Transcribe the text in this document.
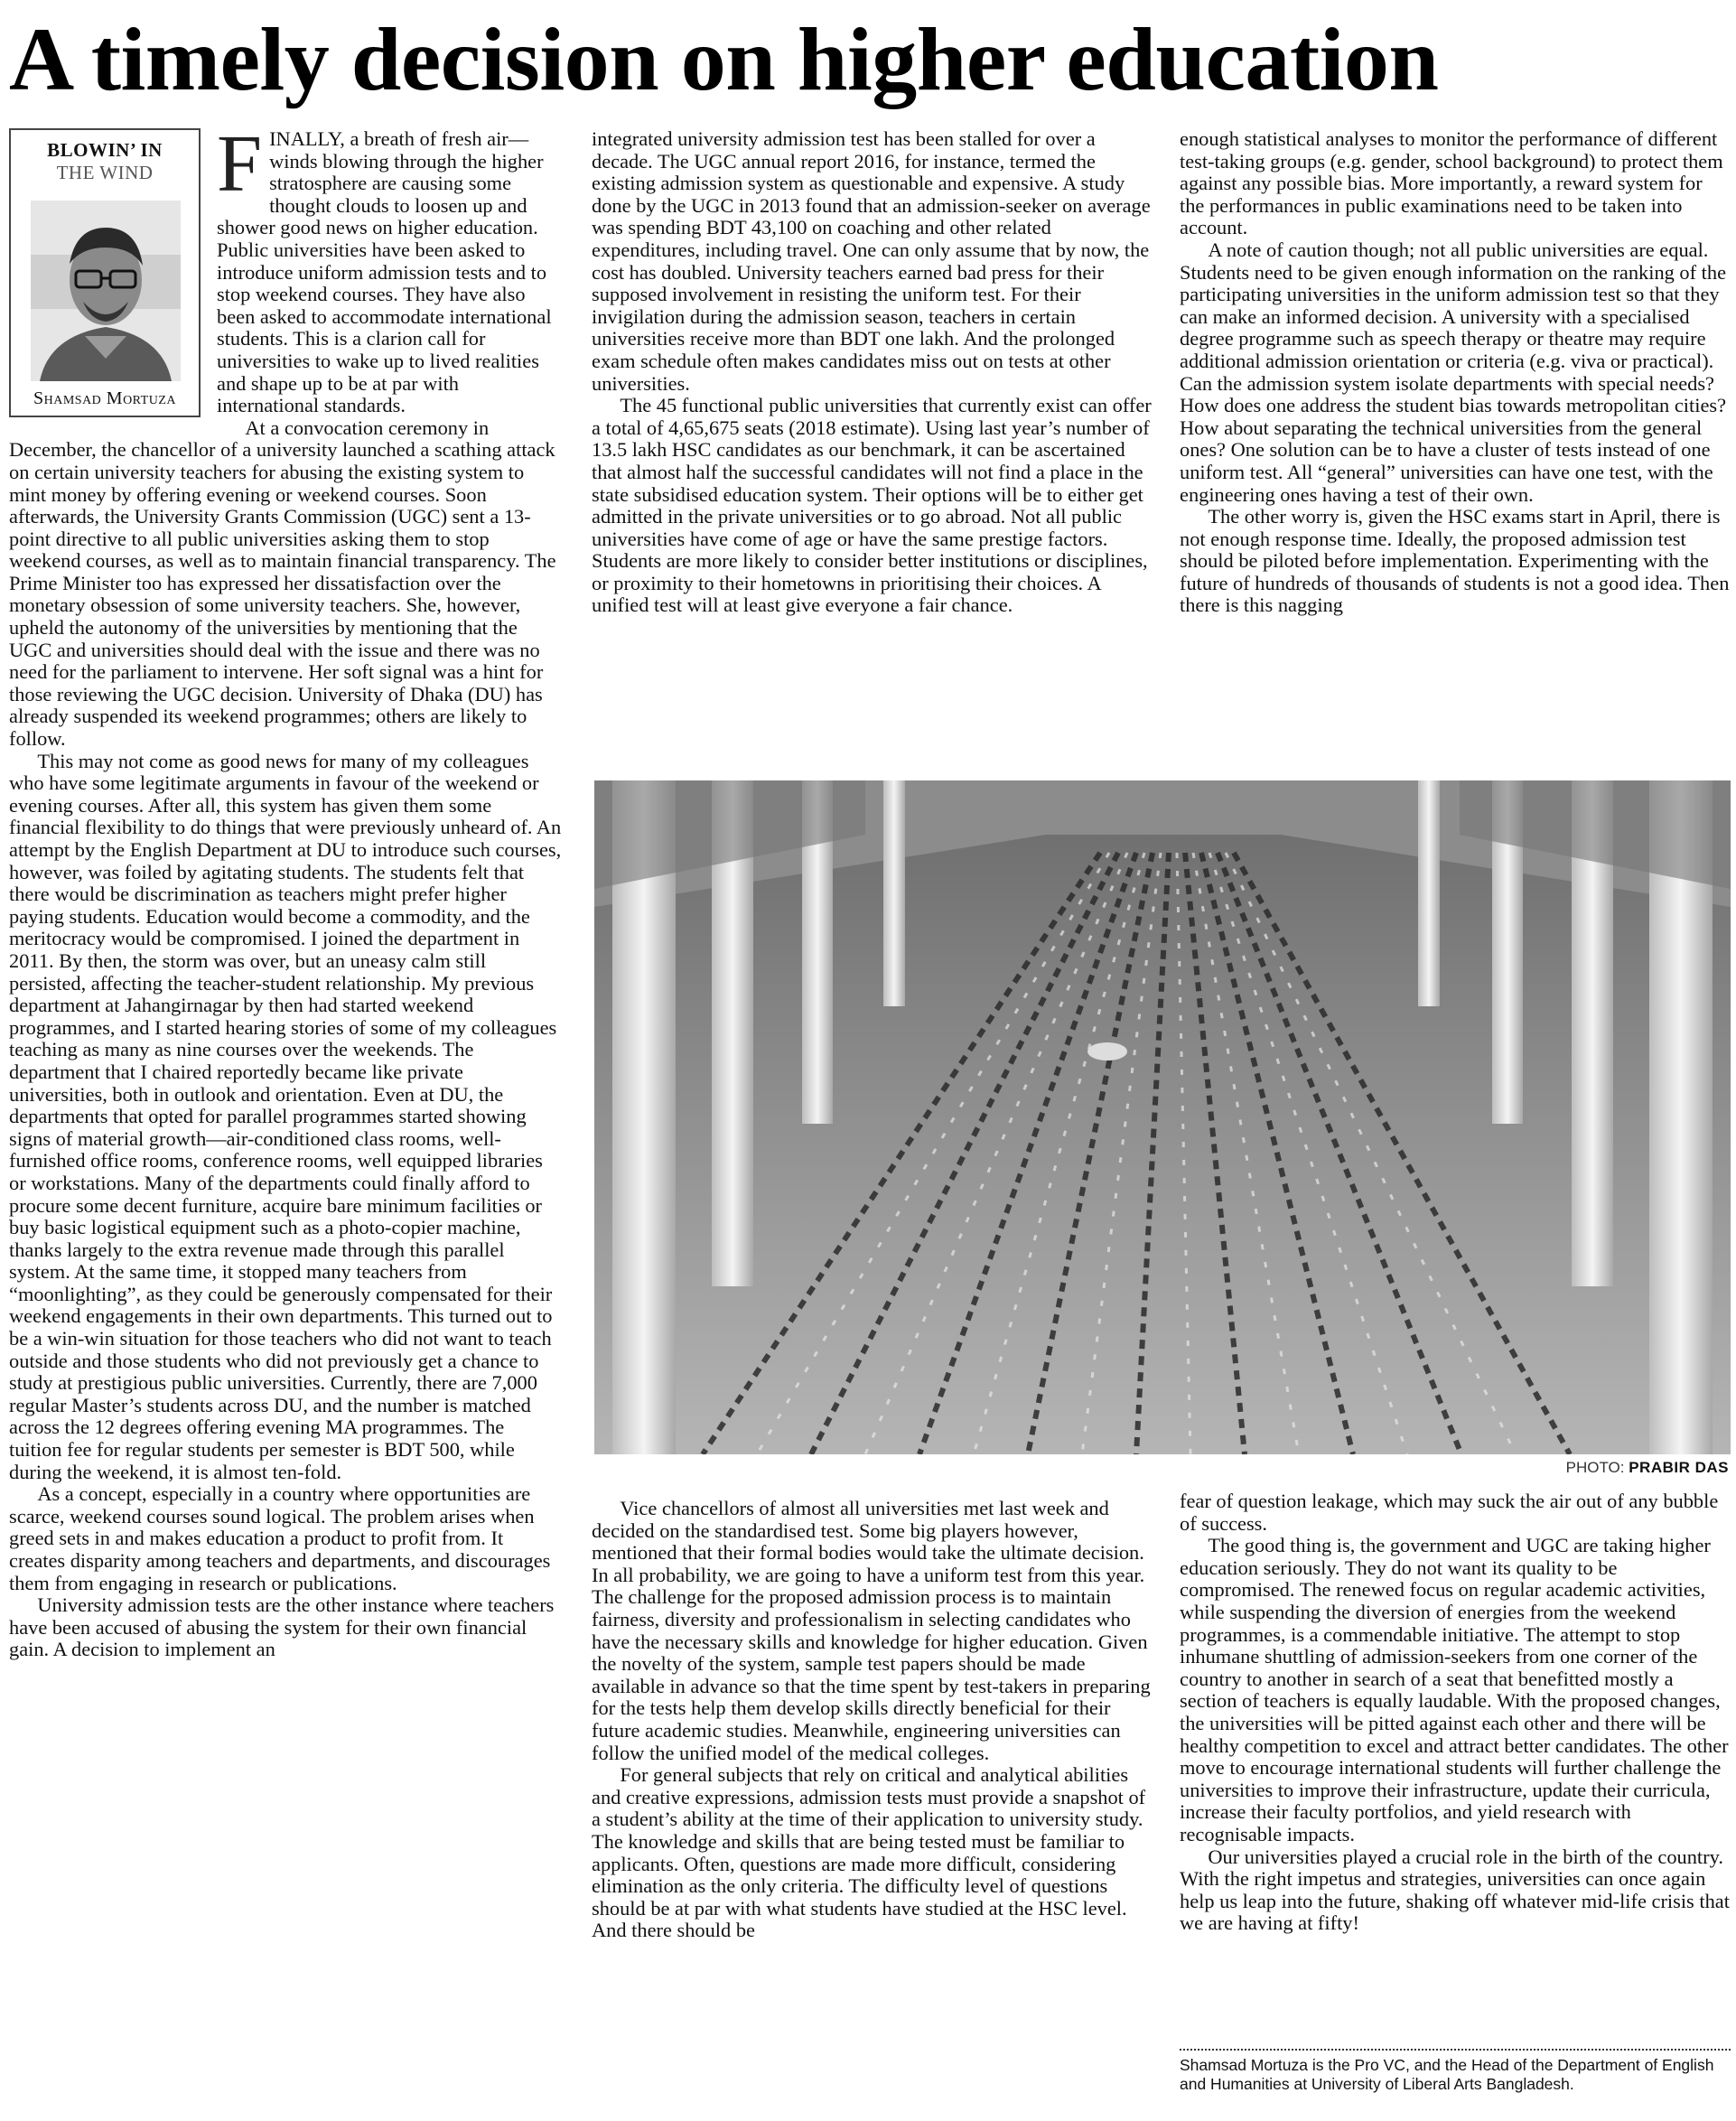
A timely decision on higher education
BLOWIN’ IN
THE WIND
Shamsad Mortuza
F INALLY, a breath of fresh air—winds blowing through the higher stratosphere are causing some thought clouds to loosen up and shower good news on higher education. Public universities have been asked to introduce uniform admission tests and to stop weekend courses. They have also been asked to accommodate international students. This is a clarion call for universities to wake up to lived realities and shape up to be at par with international standards.

At a convocation ceremony in December, the chancellor of a university launched a scathing attack on certain university teachers for abusing the existing system to mint money by offering evening or weekend courses. Soon afterwards, the University Grants Commission (UGC) sent a 13-point directive to all public universities asking them to stop weekend courses, as well as to maintain financial transparency. The Prime Minister too has expressed her dissatisfaction over the monetary obsession of some university teachers. She, however, upheld the autonomy of the universities by mentioning that the UGC and universities should deal with the issue and there was no need for the parliament to intervene. Her soft signal was a hint for those reviewing the UGC decision. University of Dhaka (DU) has already suspended its weekend programmes; others are likely to follow.

This may not come as good news for many of my colleagues who have some legitimate arguments in favour of the weekend or evening courses. After all, this system has given them some financial flexibility to do things that were previously unheard of. An attempt by the English Department at DU to introduce such courses, however, was foiled by agitating students. The students felt that there would be discrimination as teachers might prefer higher paying students. Education would become a commodity, and the meritocracy would be compromised. I joined the department in 2011. By then, the storm was over, but an uneasy calm still persisted, affecting the teacher-student relationship. My previous department at Jahangirnagar by then had started weekend programmes, and I started hearing stories of some of my colleagues teaching as many as nine courses over the weekends. The department that I chaired reportedly became like private universities, both in outlook and orientation. Even at DU, the departments that opted for parallel programmes started showing signs of material growth—air-conditioned class rooms, well-furnished office rooms, conference rooms, well equipped libraries or workstations. Many of the departments could finally afford to procure some decent furniture, acquire bare minimum facilities or buy basic logistical equipment such as a photo-copier machine, thanks largely to the extra revenue made through this parallel system. At the same time, it stopped many teachers from “moonlighting”, as they could be generously compensated for their weekend engagements in their own departments. This turned out to be a win-win situation for those teachers who did not want to teach outside and those students who did not previously get a chance to study at prestigious public universities. Currently, there are 7,000 regular Master’s students across DU, and the number is matched across the 12 degrees offering evening MA programmes. The tuition fee for regular students per semester is BDT 500, while during the weekend, it is almost ten-fold.

As a concept, especially in a country where opportunities are scarce, weekend courses sound logical. The problem arises when greed sets in and makes education a product to profit from. It creates disparity among teachers and departments, and discourages them from engaging in research or publications.

University admission tests are the other instance where teachers have been accused of abusing the system for their own financial gain. A decision to implement an

integrated university admission test has been stalled for over a decade. The UGC annual report 2016, for instance, termed the existing admission system as questionable and expensive. A study done by the UGC in 2013 found that an admission-seeker on average was spending BDT 43,100 on coaching and other related expenditures, including travel. One can only assume that by now, the cost has doubled. University teachers earned bad press for their supposed involvement in resisting the uniform test. For their invigilation during the admission season, teachers in certain universities receive more than BDT one lakh. And the prolonged exam schedule often makes candidates miss out on tests at other universities.

The 45 functional public universities that currently exist can offer a total of 4,65,675 seats (2018 estimate). Using last year’s number of 13.5 lakh HSC candidates as our benchmark, it can be ascertained that almost half the successful candidates will not find a place in the state subsidised education system. Their options will be to either get admitted in the private universities or to go abroad. Not all public universities have come of age or have the same prestige factors. Students are more likely to consider better institutions or disciplines, or proximity to their hometowns in prioritising their choices. A unified test will at least give everyone a fair chance.

enough statistical analyses to monitor the performance of different test-taking groups (e.g. gender, school background) to protect them against any possible bias. More importantly, a reward system for the performances in public examinations need to be taken into account.

A note of caution though; not all public universities are equal. Students need to be given enough information on the ranking of the participating universities in the uniform admission test so that they can make an informed decision. A university with a specialised degree programme such as speech therapy or theatre may require additional admission orientation or criteria (e.g. viva or practical). Can the admission system isolate departments with special needs? How does one address the student bias towards metropolitan cities? How about separating the technical universities from the general ones? One solution can be to have a cluster of tests instead of one uniform test. All “general” universities can have one test, with the engineering ones having a test of their own.

The other worry is, given the HSC exams start in April, there is not enough response time. Ideally, the proposed admission test should be piloted before implementation. Experimenting with the future of hundreds of thousands of students is not a good idea. Then there is this nagging

PHOTO: PRABIR DAS

Vice chancellors of almost all universities met last week and decided on the standardised test. Some big players however, mentioned that their formal bodies would take the ultimate decision. In all probability, we are going to have a uniform test from this year. The challenge for the proposed admission process is to maintain fairness, diversity and professionalism in selecting candidates who have the necessary skills and knowledge for higher education. Given the novelty of the system, sample test papers should be made available in advance so that the time spent by test-takers in preparing for the tests help them develop skills directly beneficial for their future academic studies. Meanwhile, engineering universities can follow the unified model of the medical colleges.

For general subjects that rely on critical and analytical abilities and creative expressions, admission tests must provide a snapshot of a student’s ability at the time of their application to university study. The knowledge and skills that are being tested must be familiar to applicants. Often, questions are made more difficult, considering elimination as the only criteria. The difficulty level of questions should be at par with what students have studied at the HSC level. And there should be

fear of question leakage, which may suck the air out of any bubble of success.

The good thing is, the government and UGC are taking higher education seriously. They do not want its quality to be compromised. The renewed focus on regular academic activities, while suspending the diversion of energies from the weekend programmes, is a commendable initiative. The attempt to stop inhumane shuttling of admission-seekers from one corner of the country to another in search of a seat that benefitted mostly a section of teachers is equally laudable. With the proposed changes, the universities will be pitted against each other and there will be healthy competition to excel and attract better candidates. The other move to encourage international students will further challenge the universities to improve their infrastructure, update their curricula, increase their faculty portfolios, and yield research with recognisable impacts.

Our universities played a crucial role in the birth of the country. With the right impetus and strategies, universities can once again help us leap into the future, shaking off whatever mid-life crisis that we are having at fifty!

Shamsad Mortuza is the Pro VC, and the Head of the Department of English and Humanities at University of Liberal Arts Bangladesh.
